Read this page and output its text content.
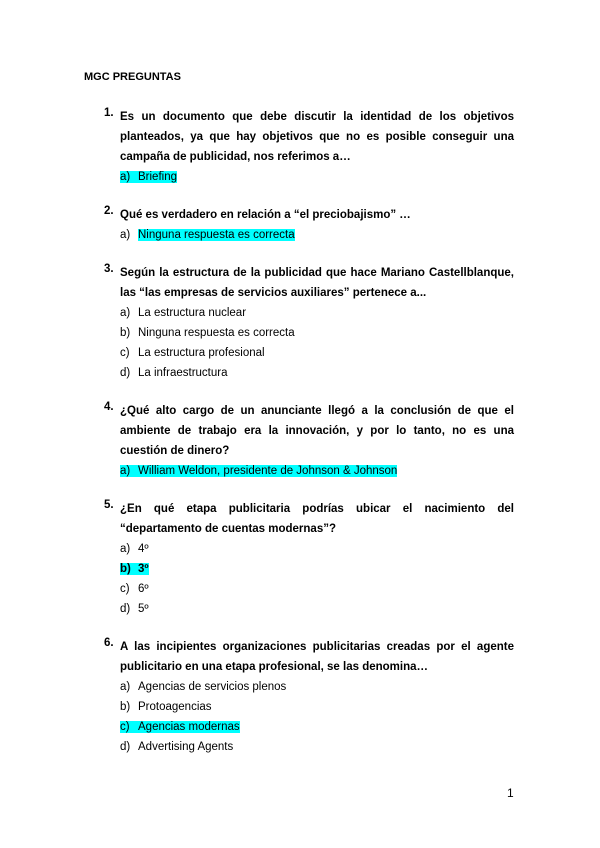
MGC PREGUNTAS
1. Es un documento que debe discutir la identidad de los objetivos planteados, ya que hay objetivos que no es posible conseguir una campaña de publicidad, nos referimos a…
a) Briefing
2. Qué es verdadero en relación a “el preciobajismo” …
a) Ninguna respuesta es correcta
3. Según la estructura de la publicidad que hace Mariano Castellblanque, las “las empresas de servicios auxiliares” pertenece a...
a) La estructura nuclear
b) Ninguna respuesta es correcta
c) La estructura profesional
d) La infraestructura
4. ¿Qué alto cargo de un anunciante llegó a la conclusión de que el ambiente de trabajo era la innovación, y por lo tanto, no es una cuestión de dinero?
a) William Weldon, presidente de Johnson & Johnson
5. ¿En qué etapa publicitaria podrías ubicar el nacimiento del “departamento de cuentas modernas”?
a) 4º
b) 3º
c) 6º
d) 5º
6. A las incipientes organizaciones publicitarias creadas por el agente publicitario en una etapa profesional, se las denomina…
a) Agencias de servicios plenos
b) Protoagencias
c) Agencias modernas
d) Advertising Agents
1
